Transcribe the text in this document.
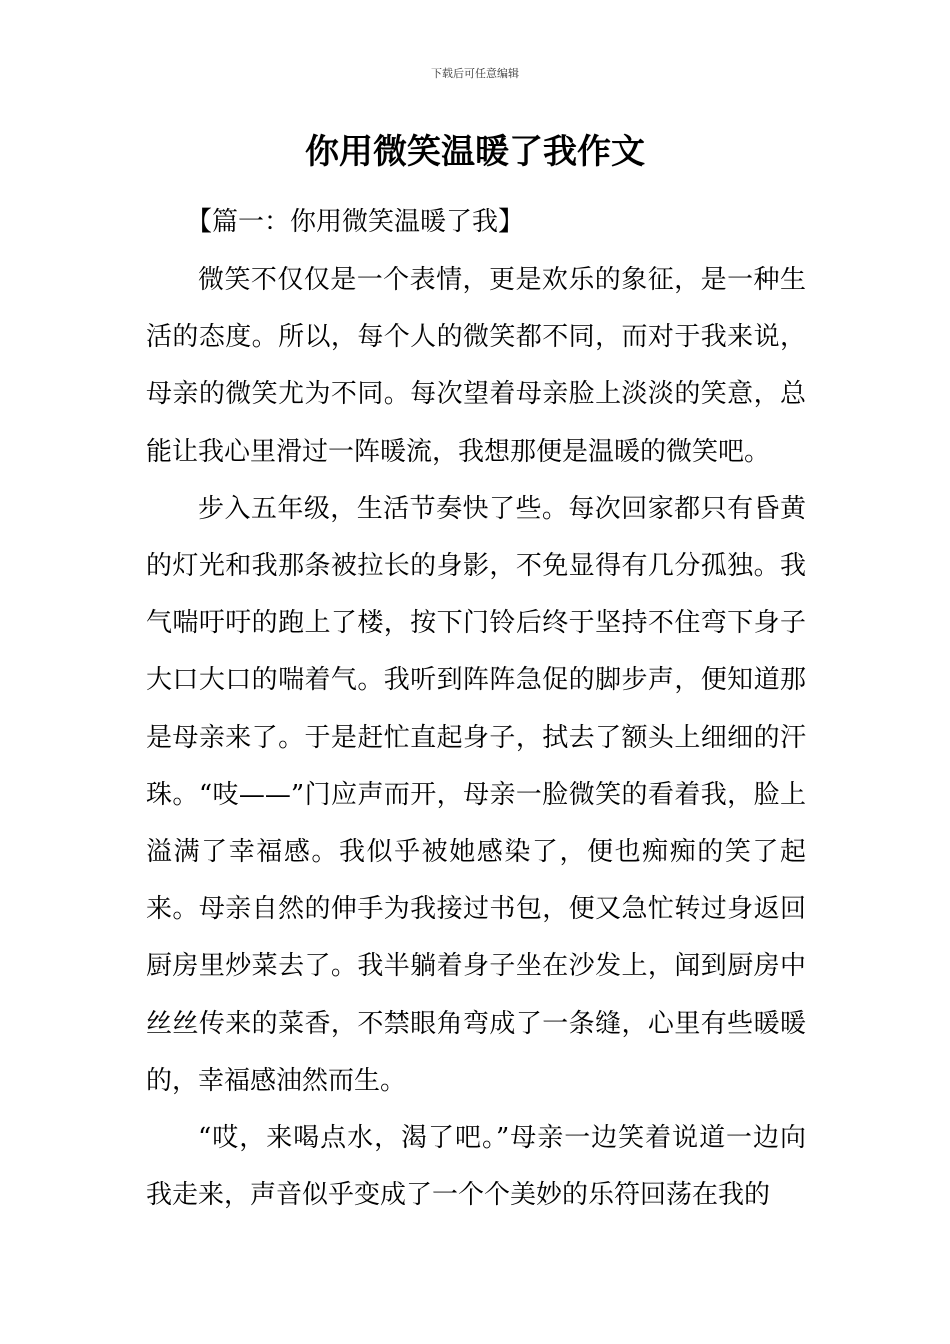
下载后可任意编辑
你用微笑温暖了我作文
【篇一：你用微笑温暖了我】

微笑不仅仅是一个表情，更是欢乐的象征，是一种生活的态度。所以，每个人的微笑都不同，而对于我来说，母亲的微笑尤为不同。每次望着母亲脸上淡淡的笑意，总能让我心里滑过一阵暖流，我想那便是温暖的微笑吧。

步入五年级，生活节奏快了些。每次回家都只有昏黄的灯光和我那条被拉长的身影，不免显得有几分孤独。我气喘吁吁的跑上了楼，按下门铃后终于坚持不住弯下身子大口大口的喘着气。我听到阵阵急促的脚步声，便知道那是母亲来了。于是赶忙直起身子，拭去了额头上细细的汗珠。“吱——”门应声而开，母亲一脸微笑的看着我，脸上溢满了幸福感。我似乎被她感染了，便也痴痴的笑了起来。母亲自然的伸手为我接过书包，便又急忙转过身返回厨房里炒菜去了。我半躺着身子坐在沙发上，闻到厨房中丝丝传来的菜香，不禁眼角弯成了一条缝，心里有些暖暖的，幸福感油然而生。

“哎，来喝点水，渴了吧。”母亲一边笑着说道一边向我走来，声音似乎变成了一个个美妙的乐符回荡在我的
